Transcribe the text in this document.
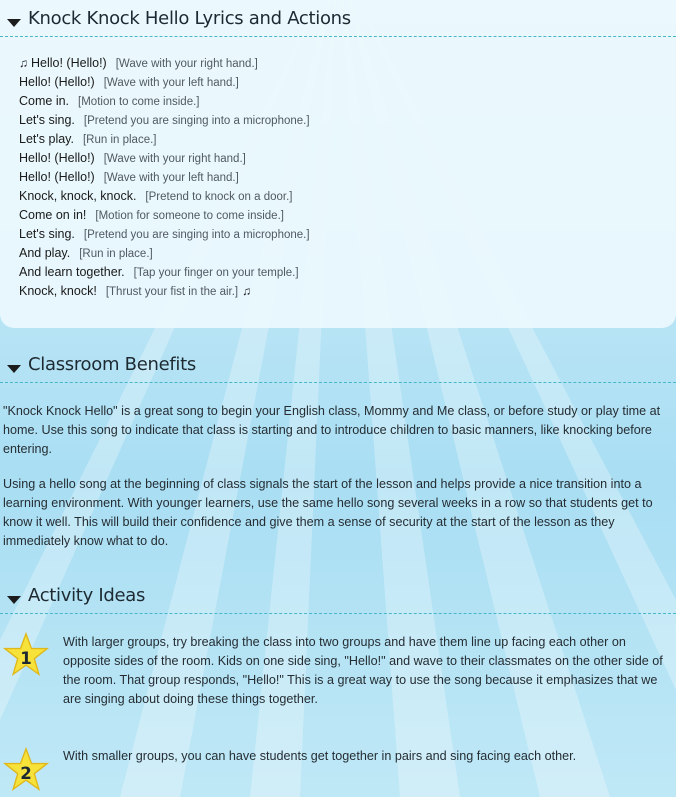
Knock Knock Hello Lyrics and Actions
♫ Hello! (Hello!) [Wave with your right hand.]
Hello! (Hello!) [Wave with your left hand.]
Come in. [Motion to come inside.]
Let's sing. [Pretend you are singing into a microphone.]
Let's play. [Run in place.]
Hello! (Hello!) [Wave with your right hand.]
Hello! (Hello!) [Wave with your left hand.]
Knock, knock, knock. [Pretend to knock on a door.]
Come on in! [Motion for someone to come inside.]
Let's sing. [Pretend you are singing into a microphone.]
And play. [Run in place.]
And learn together. [Tap your finger on your temple.]
Knock, knock! [Thrust your fist in the air.] ♫
Classroom Benefits
"Knock Knock Hello" is a great song to begin your English class, Mommy and Me class, or before study or play time at home. Use this song to indicate that class is starting and to introduce children to basic manners, like knocking before entering.
Using a hello song at the beginning of class signals the start of the lesson and helps provide a nice transition into a learning environment. With younger learners, use the same hello song several weeks in a row so that students get to know it well. This will build their confidence and give them a sense of security at the start of the lesson as they immediately know what to do.
Activity Ideas
1
With larger groups, try breaking the class into two groups and have them line up facing each other on opposite sides of the room. Kids on one side sing, "Hello!" and wave to their classmates on the other side of the room. That group responds, "Hello!" This is a great way to use the song because it emphasizes that we are singing about doing these things together.
2
With smaller groups, you can have students get together in pairs and sing facing each other.
